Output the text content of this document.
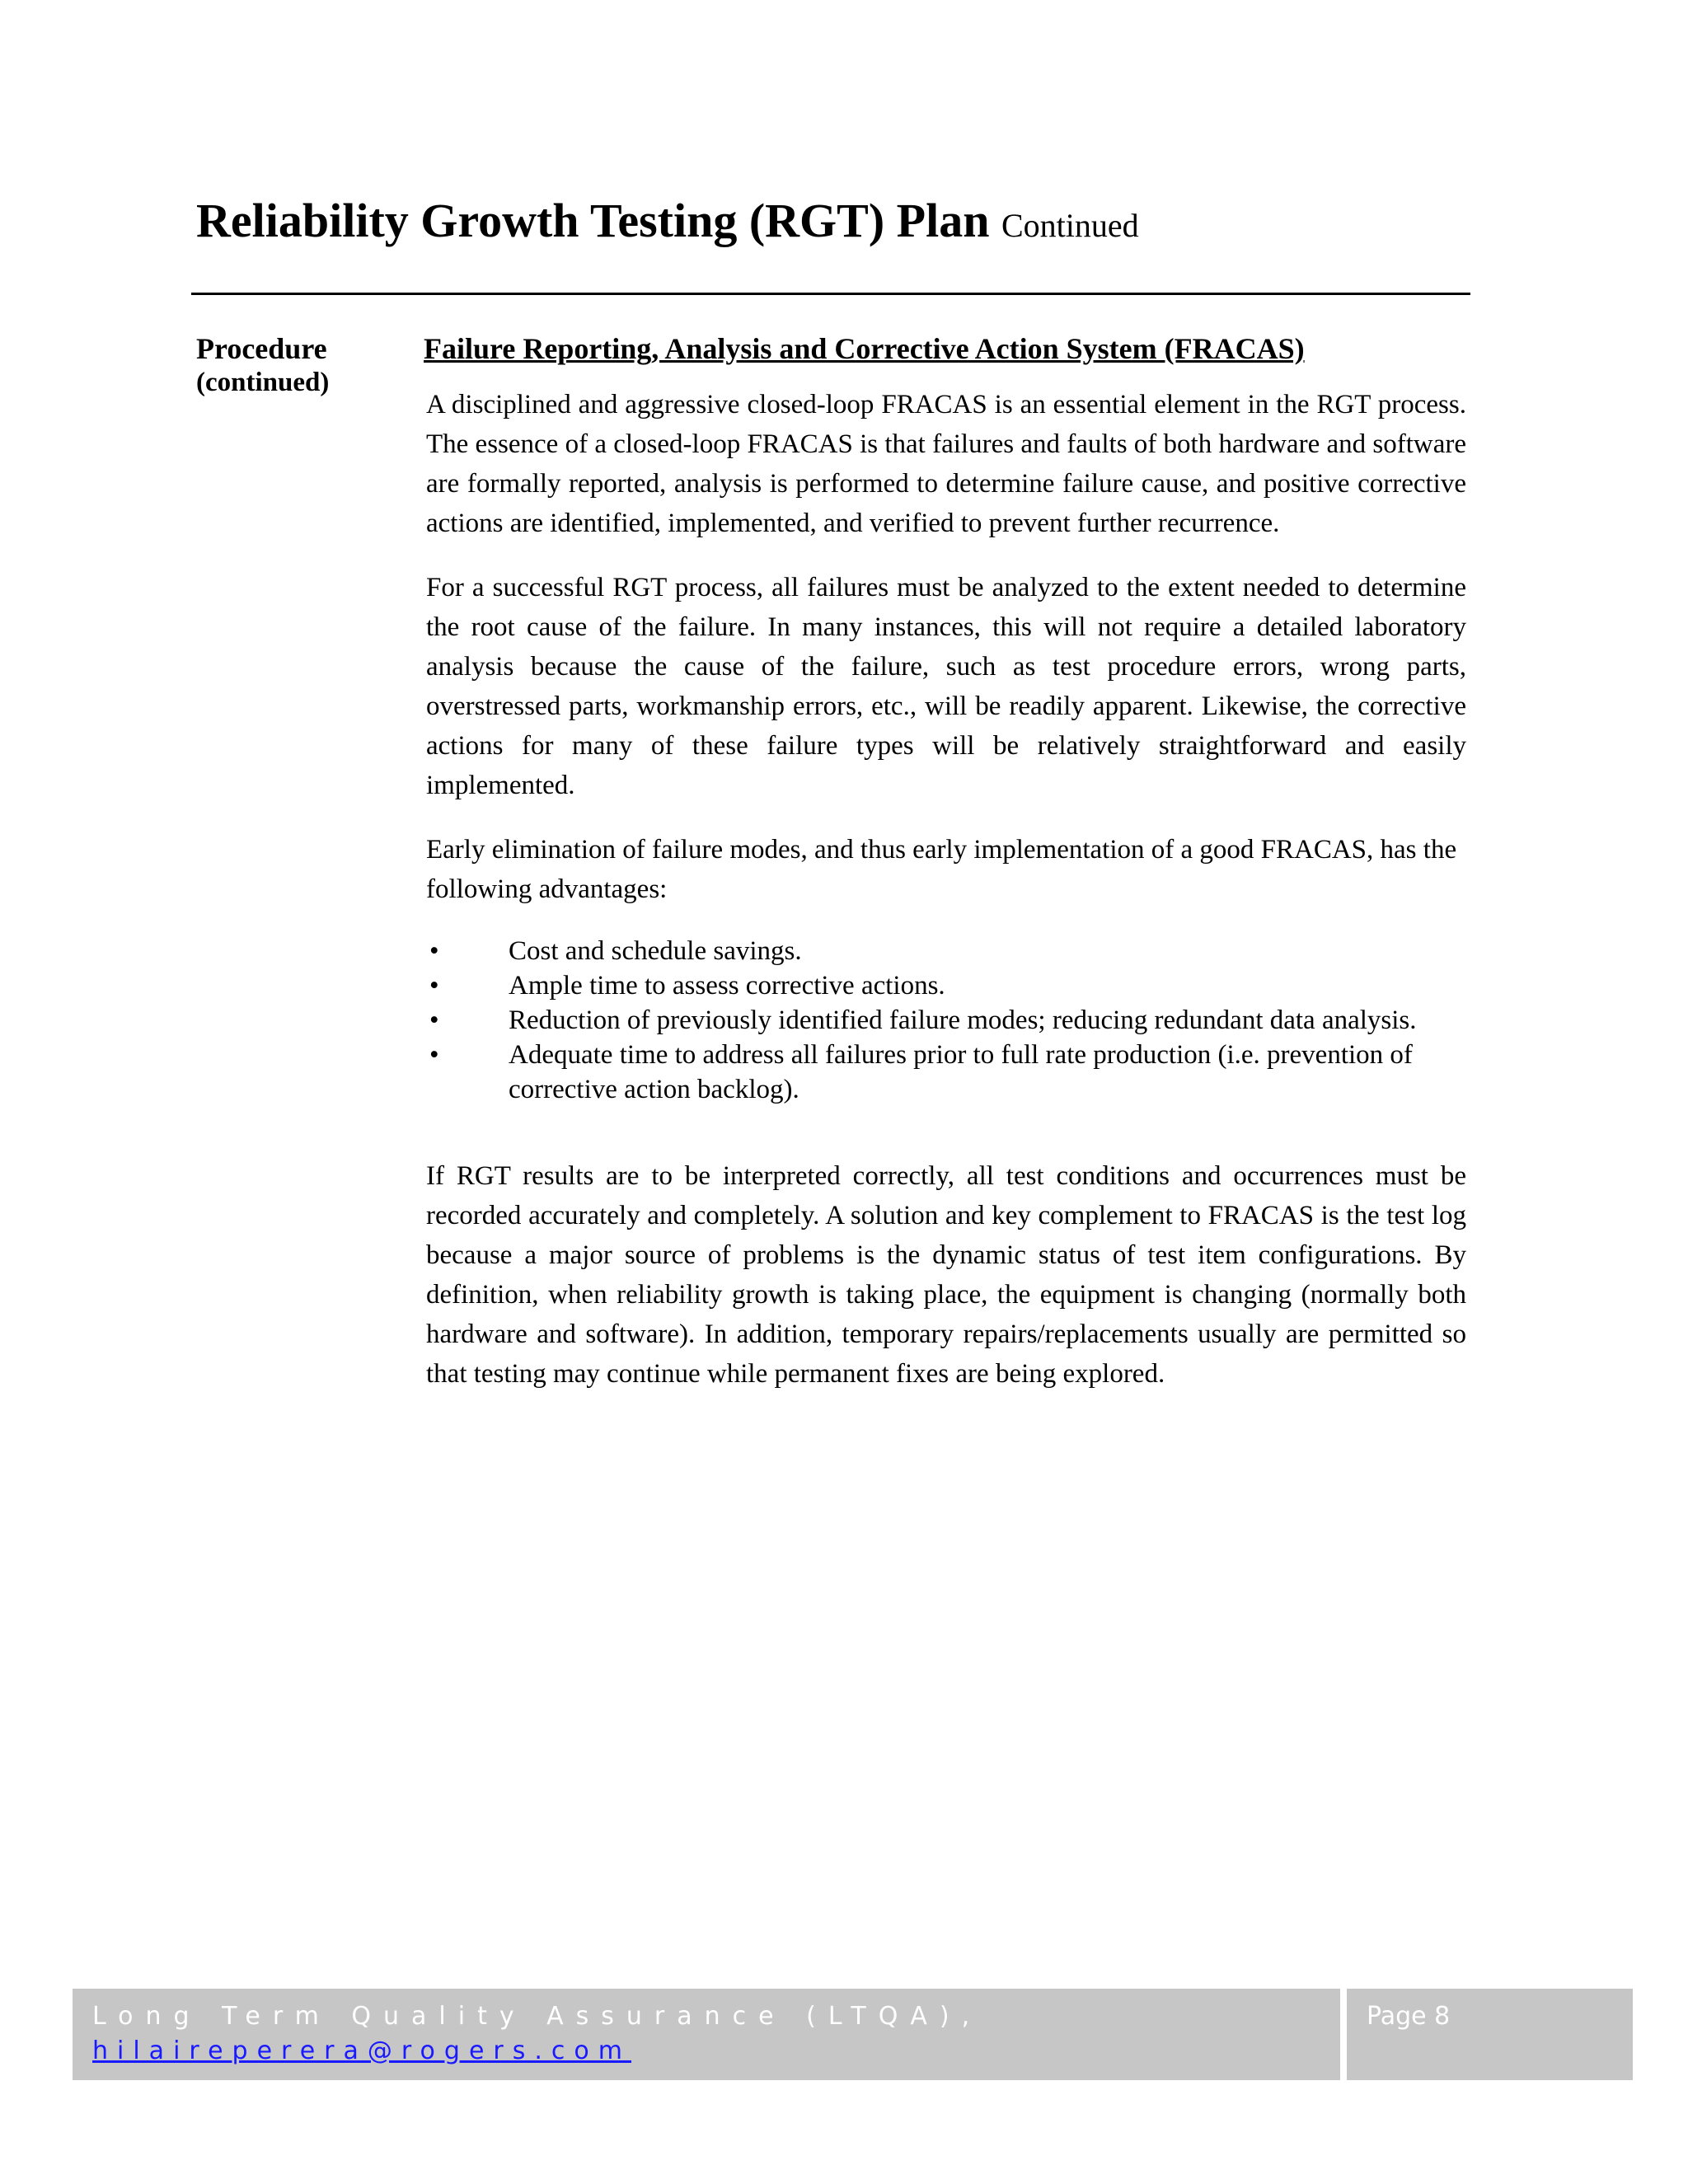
Reliability Growth Testing (RGT) Plan Continued
Procedure
(continued)
Failure Reporting, Analysis and Corrective Action System (FRACAS)

A disciplined and aggressive closed-loop FRACAS is an essential element in the RGT process. The essence of a closed-loop FRACAS is that failures and faults of both hardware and software are formally reported, analysis is performed to determine failure cause, and positive corrective actions are identified, implemented, and verified to prevent further recurrence.

For a successful RGT process, all failures must be analyzed to the extent needed to determine the root cause of the failure. In many instances, this will not require a detailed laboratory analysis because the cause of the failure, such as test procedure errors, wrong parts, overstressed parts, workmanship errors, etc., will be readily apparent. Likewise, the corrective actions for many of these failure types will be relatively straightforward and easily implemented.

Early elimination of failure modes, and thus early implementation of a good FRACAS, has the following advantages:

•	Cost and schedule savings.
•	Ample time to assess corrective actions.
•	Reduction of previously identified failure modes; reducing redundant data analysis.
•	Adequate time to address all failures prior to full rate production (i.e. prevention of corrective action backlog).

If RGT results are to be interpreted correctly, all test conditions and occurrences must be recorded accurately and completely. A solution and key complement to FRACAS is the test log because a major source of problems is the dynamic status of test item configurations. By definition, when reliability growth is taking place, the equipment is changing (normally both hardware and software). In addition, temporary repairs/replacements usually are permitted so that testing may continue while permanent fixes are being explored.

Long Term Quality Assurance (LTQA),
hilaireperera@rogers.com
Page 8
